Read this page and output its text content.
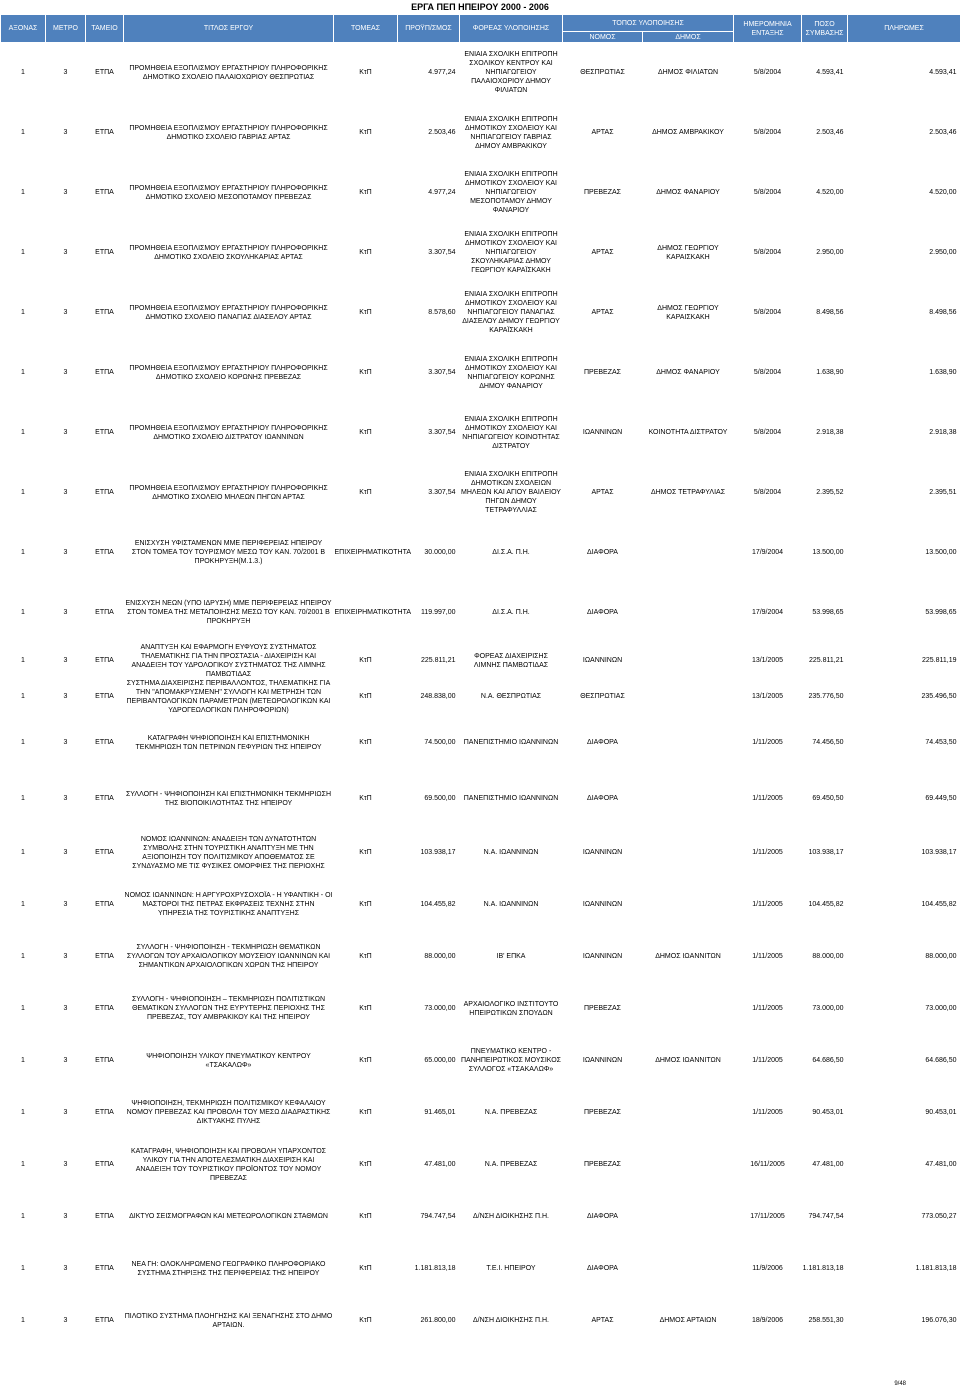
ΕΡΓΑ ΠΕΠ ΗΠΕΙΡΟΥ 2000 - 2006
ΑΞΟΝΑΣ	ΜΕΤΡΟ	ΤΑΜΕΙΟ	ΤΙΤΛΟΣ ΕΡΓΟΥ	ΤΟΜΕΑΣ	ΠΡΟΫΠ/ΣΜΟΣ	ΦΟΡΕΑΣ ΥΛΟΠΟΙΗΣΗΣ	ΤΟΠΟΣ ΥΛΟΠΟΙΗΣΗΣ		ΗΜΕΡΟΜΗΝΙΑ ΕΝΤΑΞΗΣ	ΠΟΣΟ ΣΥΜΒΑΣΗΣ	ΠΛΗΡΩΜΕΣ
							ΝΟΜΟΣ	ΔΗΜΟΣ			
1	3	ΕΤΠΑ	ΠΡΟΜΗΘΕΙΑ ΕΞΟΠΛΙΣΜΟΥ ΕΡΓΑΣΤΗΡΙΟΥ ΠΛΗΡΟΦΟΡΙΚΗΣ ΔΗΜΟΤΙΚΟ ΣΧΟΛΕΙΟ ΠΑΛΑΙΟΧΩΡΙΟΥ ΘΕΣΠΡΩΤΙΑΣ	ΚτΠ	4.977,24	ΕΝΙΑΙΑ ΣΧΟΛΙΚΗ ΕΠΙΤΡΟΠΗ ΣΧΟΛΙΚΟΥ ΚΕΝΤΡΟΥ ΚΑΙ ΝΗΠΙΑΓΩΓΕΙΟΥ ΠΑΛΑΙΟΧΩΡΙΟΥ ΔΗΜΟΥ ΦΙΛΙΑΤΩΝ	ΘΕΣΠΡΩΤΙΑΣ	ΔΗΜΟΣ ΦΙΛΙΑΤΩΝ	5/8/2004	4.593,41	4.593,41
1	3	ΕΤΠΑ	ΠΡΟΜΗΘΕΙΑ ΕΞΟΠΛΙΣΜΟΥ ΕΡΓΑΣΤΗΡΙΟΥ ΠΛΗΡΟΦΟΡΙΚΗΣ ΔΗΜΟΤΙΚΟ ΣΧΟΛΕΙΟ ΓΑΒΡΙΑΣ ΑΡΤΑΣ	ΚτΠ	2.503,46	ΕΝΙΑΙΑ ΣΧΟΛΙΚΗ ΕΠΙΤΡΟΠΗ ΔΗΜΟΤΙΚΟΥ ΣΧΟΛΕΙΟΥ ΚΑΙ ΝΗΠΙΑΓΩΓΕΙΟΥ ΓΑΒΡΙΑΣ ΔΗΜΟΥ ΑΜΒΡΑΚΙΚΟΥ	ΑΡΤΑΣ	ΔΗΜΟΣ ΑΜΒΡΑΚΙΚΟΥ	5/8/2004	2.503,46	2.503,46
1	3	ΕΤΠΑ	ΠΡΟΜΗΘΕΙΑ ΕΞΟΠΛΙΣΜΟΥ ΕΡΓΑΣΤΗΡΙΟΥ ΠΛΗΡΟΦΟΡΙΚΗΣ ΔΗΜΟΤΙΚΟ ΣΧΟΛΕΙΟ ΜΕΣΟΠΟΤΑΜΟΥ ΠΡΕΒΕΖΑΣ	ΚτΠ	4.977,24	ΕΝΙΑΙΑ ΣΧΟΛΙΚΗ ΕΠΙΤΡΟΠΗ ΔΗΜΟΤΙΚΟΥ ΣΧΟΛΕΙΟΥ ΚΑΙ ΝΗΠΙΑΓΩΓΕΙΟΥ ΜΕΣΟΠΟΤΑΜΟΥ ΔΗΜΟΥ ΦΑΝΑΡΙΟΥ	ΠΡΕΒΕΖΑΣ	ΔΗΜΟΣ ΦΑΝΑΡΙΟΥ	5/8/2004	4.520,00	4.520,00
1	3	ΕΤΠΑ	ΠΡΟΜΗΘΕΙΑ ΕΞΟΠΛΙΣΜΟΥ ΕΡΓΑΣΤΗΡΙΟΥ ΠΛΗΡΟΦΟΡΙΚΗΣ ΔΗΜΟΤΙΚΟ ΣΧΟΛΕΙΟ ΣΚΟΥΛΗΚΑΡΙΑΣ ΑΡΤΑΣ	ΚτΠ	3.307,54	ΕΝΙΑΙΑ ΣΧΟΛΙΚΗ ΕΠΙΤΡΟΠΗ ΔΗΜΟΤΙΚΟΥ ΣΧΟΛΕΙΟΥ ΚΑΙ ΝΗΠΙΑΓΩΓΕΙΟΥ ΣΚΟΥΛΗΚΑΡΙΑΣ ΔΗΜΟΥ ΓΕΩΡΓΙΟΥ ΚΑΡΑΪΣΚΑΚΗ	ΑΡΤΑΣ	ΔΗΜΟΣ ΓΕΩΡΓΙΟΥ ΚΑΡΑΙΣΚΑΚΗ	5/8/2004	2.950,00	2.950,00
1	3	ΕΤΠΑ	ΠΡΟΜΗΘΕΙΑ ΕΞΟΠΛΙΣΜΟΥ ΕΡΓΑΣΤΗΡΙΟΥ ΠΛΗΡΟΦΟΡΙΚΗΣ ΔΗΜΟΤΙΚΟ ΣΧΟΛΕΙΟ ΠΑΝΑΓΙΑΣ ΔΙΑΣΕΛΟΥ ΑΡΤΑΣ	ΚτΠ	8.578,60	ΕΝΙΑΙΑ ΣΧΟΛΙΚΗ ΕΠΙΤΡΟΠΗ ΔΗΜΟΤΙΚΟΥ ΣΧΟΛΕΙΟΥ ΚΑΙ ΝΗΠΙΑΓΩΓΕΙΟΥ ΠΑΝΑΓΙΑΣ ΔΙΑΣΕΛΟΥ ΔΗΜΟΥ ΓΕΩΡΓΙΟΥ ΚΑΡΑΪΣΚΑΚΗ	ΑΡΤΑΣ	ΔΗΜΟΣ ΓΕΩΡΓΙΟΥ ΚΑΡΑΙΣΚΑΚΗ	5/8/2004	8.498,56	8.498,56
1	3	ΕΤΠΑ	ΠΡΟΜΗΘΕΙΑ ΕΞΟΠΛΙΣΜΟΥ ΕΡΓΑΣΤΗΡΙΟΥ ΠΛΗΡΟΦΟΡΙΚΗΣ ΔΗΜΟΤΙΚΟ ΣΧΟΛΕΙΟ ΚΟΡΩΝΗΣ ΠΡΕΒΕΖΑΣ	ΚτΠ	3.307,54	ΕΝΙΑΙΑ ΣΧΟΛΙΚΗ ΕΠΙΤΡΟΠΗ ΔΗΜΟΤΙΚΟΥ ΣΧΟΛΕΙΟΥ ΚΑΙ ΝΗΠΙΑΓΩΓΕΙΟΥ ΚΟΡΩΝΗΣ ΔΗΜΟΥ ΦΑΝΑΡΙΟΥ	ΠΡΕΒΕΖΑΣ	ΔΗΜΟΣ ΦΑΝΑΡΙΟΥ	5/8/2004	1.638,90	1.638,90
1	3	ΕΤΠΑ	ΠΡΟΜΗΘΕΙΑ ΕΞΟΠΛΙΣΜΟΥ ΕΡΓΑΣΤΗΡΙΟΥ ΠΛΗΡΟΦΟΡΙΚΗΣ ΔΗΜΟΤΙΚΟ ΣΧΟΛΕΙΟ ΔΙΣΤΡΑΤΟΥ ΙΩΑΝΝΙΝΩΝ	ΚτΠ	3.307,54	ΕΝΙΑΙΑ ΣΧΟΛΙΚΗ ΕΠΙΤΡΟΠΗ ΔΗΜΟΤΙΚΟΥ ΣΧΟΛΕΙΟΥ ΚΑΙ ΝΗΠΙΑΓΩΓΕΙΟΥ ΚΟΙΝΟΤΗΤΑΣ ΔΙΣΤΡΑΤΟΥ	ΙΩΑΝΝΙΝΩΝ	ΚΟΙΝΟΤΗΤΑ ΔΙΣΤΡΑΤΟΥ	5/8/2004	2.918,38	2.918,38
1	3	ΕΤΠΑ	ΠΡΟΜΗΘΕΙΑ ΕΞΟΠΛΙΣΜΟΥ ΕΡΓΑΣΤΗΡΙΟΥ ΠΛΗΡΟΦΟΡΙΚΗΣ ΔΗΜΟΤΙΚΟ ΣΧΟΛΕΙΟ ΜΗΛΕΩΝ ΠΗΓΩΝ ΑΡΤΑΣ	ΚτΠ	3.307,54	ΕΝΙΑΙΑ ΣΧΟΛΙΚΗ ΕΠΙΤΡΟΠΗ ΔΗΜΟΤΙΚΩΝ ΣΧΟΛΕΙΩΝ ΜΗΛΕΩΝ ΚΑΙ ΑΓΙΟΥ ΒΑΙΛΕΙΟΥ ΠΗΓΩΝ ΔΗΜΟΥ ΤΕΤΡΑΦΥΛΛΙΑΣ	ΑΡΤΑΣ	ΔΗΜΟΣ ΤΕΤΡΑΦΥΛΙΑΣ	5/8/2004	2.395,52	2.395,51
1	3	ΕΤΠΑ	ΕΝΙΣΧΥΣΗ ΥΦΙΣΤΑΜΕΝΩΝ ΜΜΕ ΠΕΡΙΦΕΡΕΙΑΣ ΗΠΕΙΡΟΥ ΣΤΟΝ ΤΟΜΕΑ ΤΟΥ ΤΟΥΡΙΣΜΟΥ ΜΕΣΩ ΤΟΥ ΚΑΝ. 70/2001 Β ΠΡΟΚΗΡΥΞΗ(Μ.1.3.)	ΕΠΙΧΕΙΡΗΜΑΤΙΚΟΤΗΤΑ	30.000,00	ΔΙ.Σ.Α. Π.Η.	ΔΙΑΦΟΡΑ		17/9/2004	13.500,00	13.500,00
1	3	ΕΤΠΑ	ΕΝΙΣΧΥΣΗ ΝΕΩΝ (ΥΠΟ ΙΔΡΥΣΗ) ΜΜΕ ΠΕΡΙΦΕΡΕΙΑΣ ΗΠΕΙΡΟΥ ΣΤΟΝ ΤΟΜΕΑ ΤΗΣ ΜΕΤΑΠΟΙΗΣΗΣ ΜΕΣΩ ΤΟΥ ΚΑΝ. 70/2001 Β ΠΡΟΚΗΡΥΞΗ	ΕΠΙΧΕΙΡΗΜΑΤΙΚΟΤΗΤΑ	119.997,00	ΔΙ.Σ.Α. Π.Η.	ΔΙΑΦΟΡΑ		17/9/2004	53.998,65	53.998,65
1	3	ΕΤΠΑ	ΑΝΑΠΤΥΞΗ ΚΑΙ ΕΦΑΡΜΟΓΗ ΕΥΦΥΟΥΣ ΣΥΣΤΗΜΑΤΟΣ ΤΗΛΕΜΑΤΙΚΗΣ ΓΙΑ ΤΗΝ ΠΡΟΣΤΑΣΙΑ - ΔΙΑΧΕΙΡΙΣΗ ΚΑΙ ΑΝΑΔΕΙΞΗ ΤΟΥ ΥΔΡΟΛΟΓΙΚΟΥ ΣΥΣΤΗΜΑΤΟΣ ΤΗΣ ΛΙΜΝΗΣ ΠΑΜΒΩΤΙΔΑΣ	ΚτΠ	225.811,21	ΦΟΡΕΑΣ ΔΙΑΧΕΙΡΙΣΗΣ ΛΙΜΝΗΣ ΠΑΜΒΩΤΙΔΑΣ	ΙΩΑΝΝΙΝΩΝ		13/1/2005	225.811,21	225.811,19
1	3	ΕΤΠΑ	ΣΥΣΤΗΜΑ ΔΙΑΧΕΙΡΙΣΗΣ ΠΕΡΙΒΑΛΛΟΝΤΟΣ, ΤΗΛΕΜΑΤΙΚΗΣ ΓΙΑ ΤΗΝ "ΑΠΟΜΑΚΡΥΣΜΕΝΗ" ΣΥΛΛΟΓΗ ΚΑΙ ΜΕΤΡΗΣΗ ΤΩΝ ΠΕΡΙΒΑΝΤΟΛΟΓΙΚΩΝ ΠΑΡΑΜΕΤΡΩΝ (ΜΕΤΕΩΡΟΛΟΓΙΚΩΝ ΚΑΙ ΥΔΡΟΓΕΩΛΟΓΙΚΩΝ ΠΛΗΡΟΦΟΡΙΩΝ)	ΚτΠ	248.838,00	Ν.Α. ΘΕΣΠΡΩΤΙΑΣ	ΘΕΣΠΡΩΤΙΑΣ		13/1/2005	235.776,50	235.496,50
1	3	ΕΤΠΑ	ΚΑΤΑΓΡΑΦΗ ΨΗΦΙΟΠΟΙΗΣΗ ΚΑΙ ΕΠΙΣΤΗΜΟΝΙΚΗ ΤΕΚΜΗΡΙΩΣΗ ΤΩΝ ΠΕΤΡΙΝΩΝ ΓΕΦΥΡΙΩΝ ΤΗΣ ΗΠΕΙΡΟΥ	ΚτΠ	74.500,00	ΠΑΝΕΠΙΣΤΗΜΙΟ ΙΩΑΝΝΙΝΩΝ	ΔΙΑΦΟΡΑ		1/11/2005	74.456,50	74.453,50
1	3	ΕΤΠΑ	ΣΥΛΛΟΓΗ - ΨΗΦΙΟΠΟΙΗΣΗ ΚΑΙ ΕΠΙΣΤΗΜΟΝΙΚΗ ΤΕΚΜΗΡΙΩΣΗ ΤΗΣ ΒΙΟΠΟΙΚΙΛΟΤΗΤΑΣ ΤΗΣ ΗΠΕΙΡΟΥ	ΚτΠ	69.500,00	ΠΑΝΕΠΙΣΤΗΜΙΟ ΙΩΑΝΝΙΝΩΝ	ΔΙΑΦΟΡΑ		1/11/2005	69.450,50	69.449,50
1	3	ΕΤΠΑ	ΝΟΜΟΣ ΙΩΑΝΝΙΝΩΝ: ΑΝΑΔΕΙΞΗ ΤΩΝ ΔΥΝΑΤΟΤΗΤΩΝ ΣΥΜΒΟΛΗΣ ΣΤΗΝ ΤΟΥΡΙΣΤΙΚΗ ΑΝΑΠΤΥΞΗ ΜΕ ΤΗΝ ΑΞΙΟΠΟΙΗΣΗ ΤΟΥ ΠΟΛΙΤΙΣΜΙΚΟΥ ΑΠΟΘΕΜΑΤΟΣ ΣΕ ΣΥΝΔΥΑΣΜΟ ΜΕ ΤΙΣ ΦΥΣΙΚΕΣ ΟΜΟΡΦΙΕΣ ΤΗΣ ΠΕΡΙΟΧΗΣ	ΚτΠ	103.938,17	Ν.Α. ΙΩΑΝΝΙΝΩΝ	ΙΩΑΝΝΙΝΩΝ		1/11/2005	103.938,17	103.938,17
1	3	ΕΤΠΑ	ΝΟΜΟΣ ΙΩΑΝΝΙΝΩΝ: Η ΑΡΓΥΡΟΧΡΥΣΟΧΟΪΑ - Η ΥΦΑΝΤΙΚΗ - ΟΙ ΜΑΣΤΟΡΟΙ ΤΗΣ ΠΕΤΡΑΣ ΕΚΦΡΑΣΕΙΣ ΤΕΧΝΗΣ ΣΤΗΝ ΥΠΗΡΕΣΙΑ ΤΗΣ ΤΟΥΡΙΣΤΙΚΗΣ ΑΝΑΠΤΥΞΗΣ	ΚτΠ	104.455,82	Ν.Α. ΙΩΑΝΝΙΝΩΝ	ΙΩΑΝΝΙΝΩΝ		1/11/2005	104.455,82	104.455,82
1	3	ΕΤΠΑ	ΣΥΛΛΟΓΗ - ΨΗΦΙΟΠΟΙΗΣΗ - ΤΕΚΜΗΡΙΩΣΗ ΘΕΜΑΤΙΚΩΝ ΣΥΛΛΟΓΩΝ ΤΟΥ ΑΡΧΑΙΟΛΟΓΙΚΟΥ ΜΟΥΣΕΙΟΥ ΙΩΑΝΝΙΝΩΝ ΚΑΙ ΣΗΜΑΝΤΙΚΩΝ ΑΡΧΑΙΟΛΟΓΙΚΩΝ ΧΩΡΩΝ ΤΗΣ ΗΠΕΙΡΟΥ	ΚτΠ	88.000,00	ΙΒ' ΕΠΚΑ	ΙΩΑΝΝΙΝΩΝ	ΔΗΜΟΣ ΙΩΑΝΝΙΤΩΝ	1/11/2005	88.000,00	88.000,00
1	3	ΕΤΠΑ	ΣΥΛΛΟΓΗ - ΨΗΦΙΟΠΟΙΗΣΗ – ΤΕΚΜΗΡΙΩΣΗ ΠΟΛΙΤΙΣΤΙΚΩΝ ΘΕΜΑΤΙΚΩΝ ΣΥΛΛΟΓΩΝ ΤΗΣ ΕΥΡΥΤΕΡΗΣ ΠΕΡΙΟΧΗΣ ΤΗΣ ΠΡΕΒΕΖΑΣ, ΤΟΥ ΑΜΒΡΑΚΙΚΟΥ ΚΑΙ ΤΗΣ ΗΠΕΙΡΟΥ	ΚτΠ	73.000,00	ΑΡΧΑΙΟΛΟΓΙΚΟ ΙΝΣΤΙΤΟΥΤΟ ΗΠΕΙΡΩΤΙΚΩΝ ΣΠΟΥΔΩΝ	ΠΡΕΒΕΖΑΣ		1/11/2005	73.000,00	73.000,00
1	3	ΕΤΠΑ	ΨΗΦΙΟΠΟΙΗΣΗ ΥΛΙΚΟΥ ΠΝΕΥΜΑΤΙΚΟΥ ΚΕΝΤΡΟΥ «ΤΣΑΚΑΛΩΦ»	ΚτΠ	65.000,00	ΠΝΕΥΜΑΤΙΚΟ ΚΕΝΤΡΟ - ΠΑΝΗΠΕΙΡΩΤΙΚΟΣ ΜΟΥΣΙΚΟΣ ΣΥΛΛΟΓΟΣ «ΤΣΑΚΑΛΩΦ»	ΙΩΑΝΝΙΝΩΝ	ΔΗΜΟΣ ΙΩΑΝΝΙΤΩΝ	1/11/2005	64.686,50	64.686,50
1	3	ΕΤΠΑ	ΨΗΦΙΟΠΟΙΗΣΗ, ΤΕΚΜΗΡΙΩΣΗ ΠΟΛΙΤΙΣΜΙΚΟΥ ΚΕΦΑΛΑΙΟΥ ΝΟΜΟΥ ΠΡΕΒΕΖΑΣ ΚΑΙ ΠΡΟΒΟΛΗ ΤΟΥ ΜΕΣΩ ΔΙΑΔΡΑΣΤΙΚΗΣ ΔΙΚΤΥΑΚΗΣ ΠΥΛΗΣ	ΚτΠ	91.465,01	Ν.Α. ΠΡΕΒΕΖΑΣ	ΠΡΕΒΕΖΑΣ		1/11/2005	90.453,01	90.453,01
1	3	ΕΤΠΑ	ΚΑΤΑΓΡΑΦΗ, ΨΗΦΙΟΠΟΙΗΣΗ ΚΑΙ ΠΡΟΒΟΛΗ ΥΠΑΡΧΟΝΤΟΣ ΥΛΙΚΟΥ ΓΙΑ ΤΗΝ ΑΠΟΤΕΛΕΣΜΑΤΙΚΗ ΔΙΑΧΕΙΡΙΣΗ ΚΑΙ ΑΝΑΔΕΙΞΗ ΤΟΥ ΤΟΥΡΙΣΤΙΚΟΥ ΠΡΟΪΟΝΤΟΣ ΤΟΥ ΝΟΜΟΥ ΠΡΕΒΕΖΑΣ	ΚτΠ	47.481,00	Ν.Α. ΠΡΕΒΕΖΑΣ	ΠΡΕΒΕΖΑΣ		16/11/2005	47.481,00	47.481,00
1	3	ΕΤΠΑ	ΔΙΚΤΥΟ ΣΕΙΣΜΟΓΡΑΦΩΝ ΚΑΙ ΜΕΤΕΩΡΟΛΟΓΙΚΩΝ ΣΤΑΘΜΩΝ	ΚτΠ	794.747,54	Δ/ΝΣΗ ΔΙΟΙΚΗΣΗΣ Π.Η.	ΔΙΑΦΟΡΑ		17/11/2005	794.747,54	773.050,27
1	3	ΕΤΠΑ	ΝΕΑ ΓΗ: ΟΛΟΚΛΗΡΩΜΕΝΟ ΓΕΩΓΡΑΦΙΚΟ ΠΛΗΡΟΦΟΡΙΑΚΟ ΣΥΣΤΗΜΑ ΣΤΗΡΙΞΗΣ ΤΗΣ ΠΕΡΙΦΕΡΕΙΑΣ ΤΗΣ ΗΠΕΙΡΟΥ	ΚτΠ	1.181.813,18	Τ.Ε.Ι. ΗΠΕΙΡΟΥ	ΔΙΑΦΟΡΑ		11/9/2006	1.181.813,18	1.181.813,18
1	3	ΕΤΠΑ	ΠΙΛΟΤΙΚΟ ΣΥΣΤΗΜΑ ΠΛΟΗΓΗΣΗΣ ΚΑΙ ΞΕΝΑΓΗΣΗΣ ΣΤΟ ΔΗΜΟ ΑΡΤΑΙΩΝ.	ΚτΠ	261.800,00	Δ/ΝΣΗ ΔΙΟΙΚΗΣΗΣ Π.Η.	ΑΡΤΑΣ	ΔΗΜΟΣ ΑΡΤΑΙΩΝ	18/9/2006	258.551,30	196.076,30
9/48
